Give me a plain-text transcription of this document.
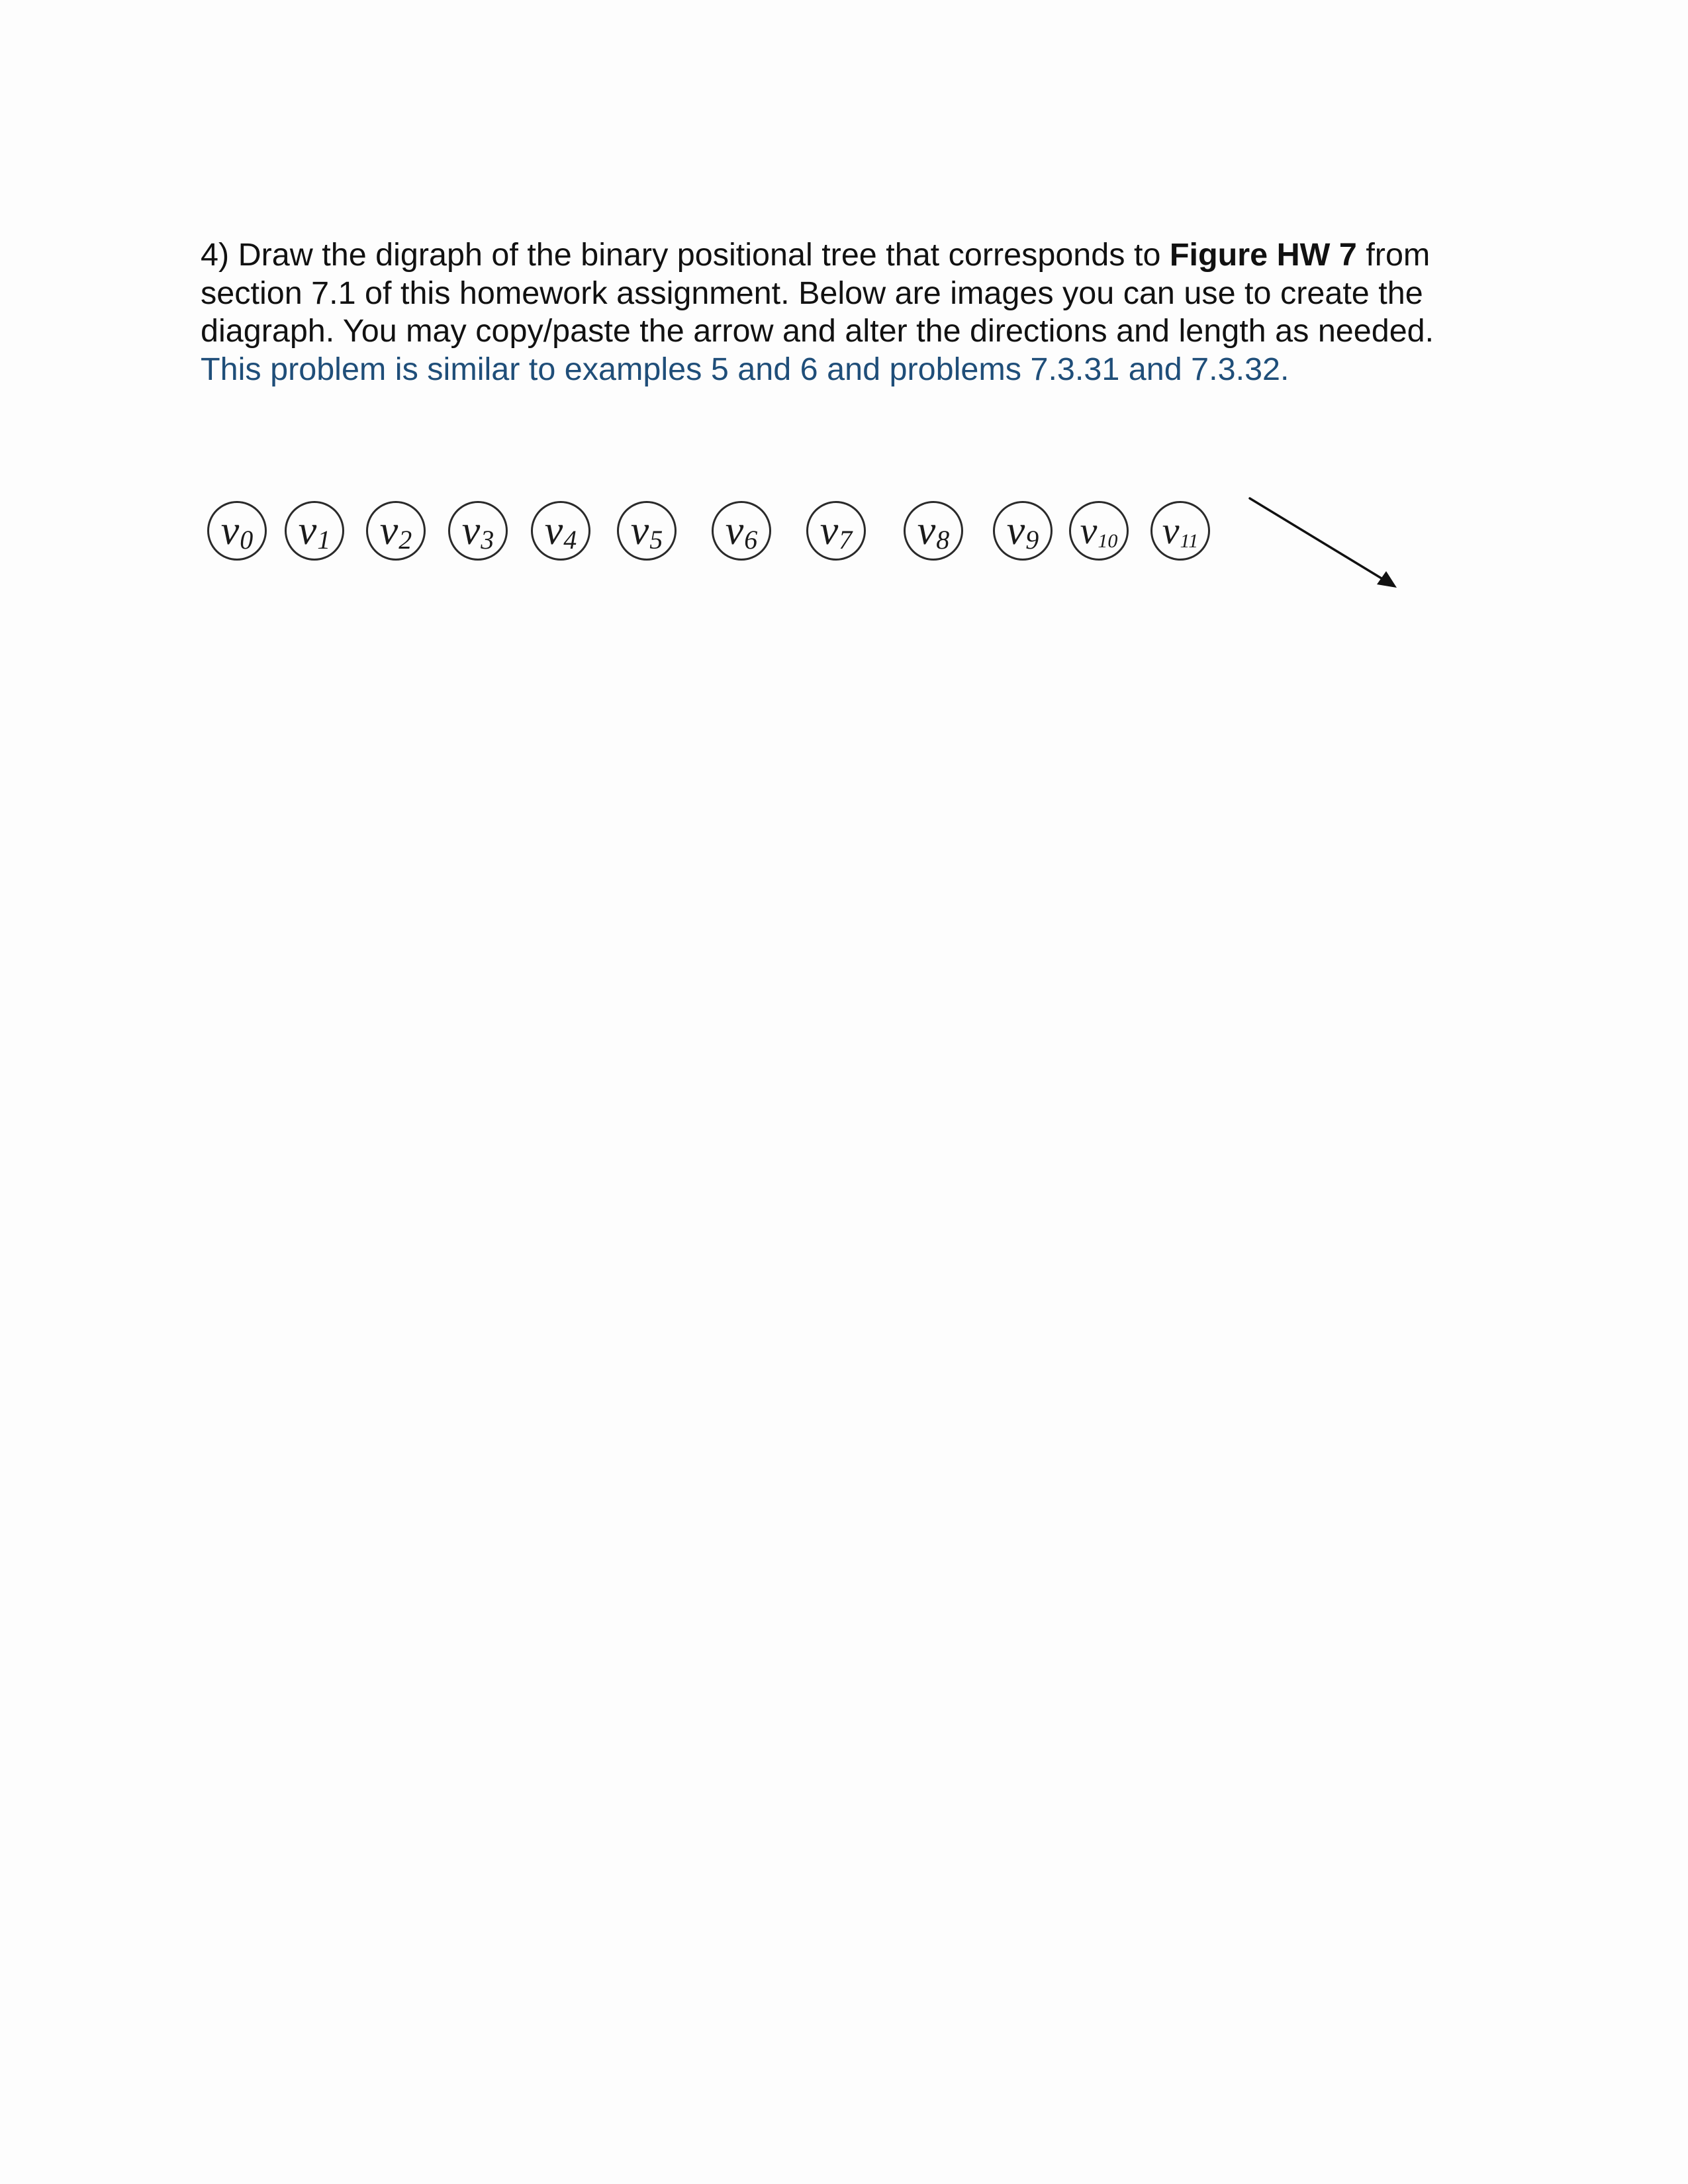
4) Draw the digraph of the binary positional tree that corresponds to Figure HW 7 from
section 7.1 of this homework assignment. Below are images you can use to create the
diagraph. You may copy/paste the arrow and alter the directions and length as needed.
This problem is similar to examples 5 and 6 and problems 7.3.31 and 7.3.32.

v 0 v 1 v 2 v 3 v 4 v 5 v 6 v 7 v 8 v 9 v 10 v 11
